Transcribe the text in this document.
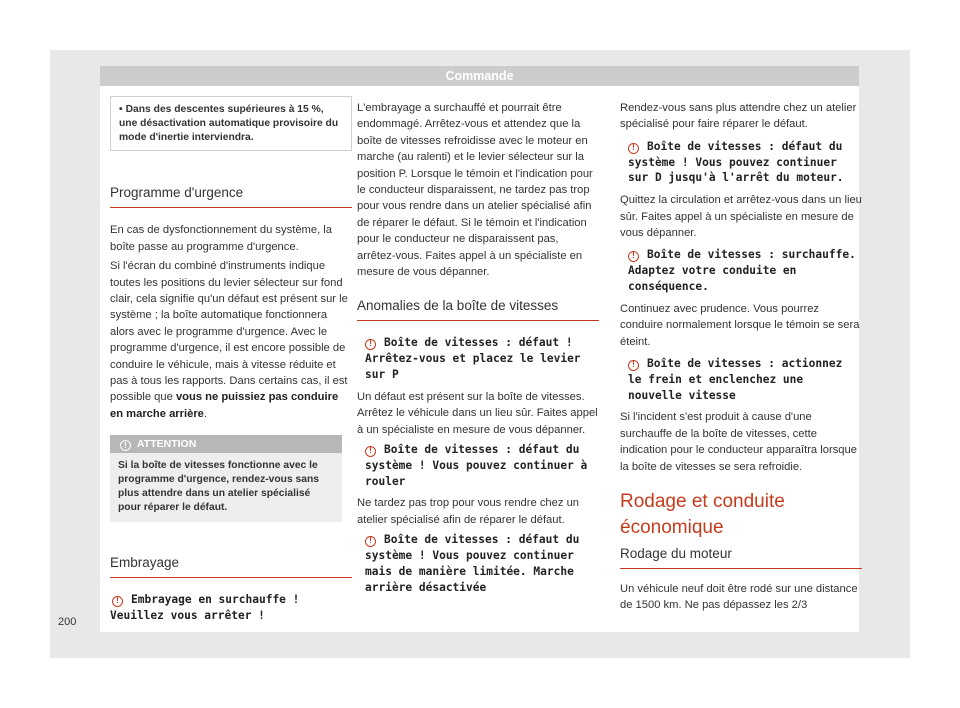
Commande
• Dans des descentes supérieures à 15 %, une désactivation automatique provisoire du mode d'inertie interviendra.
Programme d'urgence

En cas de dysfonctionnement du système, la boîte passe au programme d'urgence.

Si l'écran du combiné d'instruments indique toutes les positions du levier sélecteur sur fond clair, cela signifie qu'un défaut est présent sur le système ; la boîte automatique fonctionnera alors avec le programme d'urgence. Avec le programme d'urgence, il est encore possible de conduire le véhicule, mais à vitesse réduite et pas à tous les rapports. Dans certains cas, il est possible que vous ne puissiez pas conduire en marche arrière.

! ATTENTION
Si la boîte de vitesses fonctionne avec le programme d'urgence, rendez-vous sans plus attendre dans un atelier spécialisé pour réparer le défaut.
Embrayage
! Embrayage en surchauffe ! Veuillez vous arrêter !

L'embrayage a surchauffé et pourrait être endommagé. Arrêtez-vous et attendez que la boîte de vitesses refroidisse avec le moteur en marche (au ralenti) et le levier sélecteur sur la position P. Lorsque le témoin et l'indication pour le conducteur disparaissent, ne tardez pas trop pour vous rendre dans un atelier spécialisé afin de réparer le défaut. Si le témoin et l'indication pour le conducteur ne disparaissent pas, arrêtez-vous. Faites appel à un spécialiste en mesure de vous dépanner.

Anomalies de la boîte de vitesses
! Boîte de vitesses : défaut ! Arrêtez-vous et placez le levier sur P

Un défaut est présent sur la boîte de vitesses. Arrêtez le véhicule dans un lieu sûr. Faites appel à un spécialiste en mesure de vous dépanner.

! Boîte de vitesses : défaut du système ! Vous pouvez continuer à rouler

Ne tardez pas trop pour vous rendre chez un atelier spécialisé afin de réparer le défaut.

! Boîte de vitesses : défaut du système ! Vous pouvez continuer mais de manière limitée. Marche arrière désactivée

Rendez-vous sans plus attendre chez un atelier spécialisé pour faire réparer le défaut.

! Boîte de vitesses : défaut du système ! Vous pouvez continuer sur D jusqu'à l'arrêt du moteur.

Quittez la circulation et arrêtez-vous dans un lieu sûr. Faites appel à un spécialiste en mesure de vous dépanner.

! Boîte de vitesses : surchauffe. Adaptez votre conduite en conséquence.

Continuez avec prudence. Vous pourrez conduire normalement lorsque le témoin se sera éteint.

! Boîte de vitesses : actionnez le frein et enclenchez une nouvelle vitesse

Si l'incident s'est produit à cause d'une surchauffe de la boîte de vitesses, cette indication pour le conducteur apparaîtra lorsque la boîte de vitesses se sera refroidie.

Rodage et conduite économique
Rodage du moteur

Un véhicule neuf doit être rodé sur une distance de 1500 km. Ne pas dépassez les 2/3

200
